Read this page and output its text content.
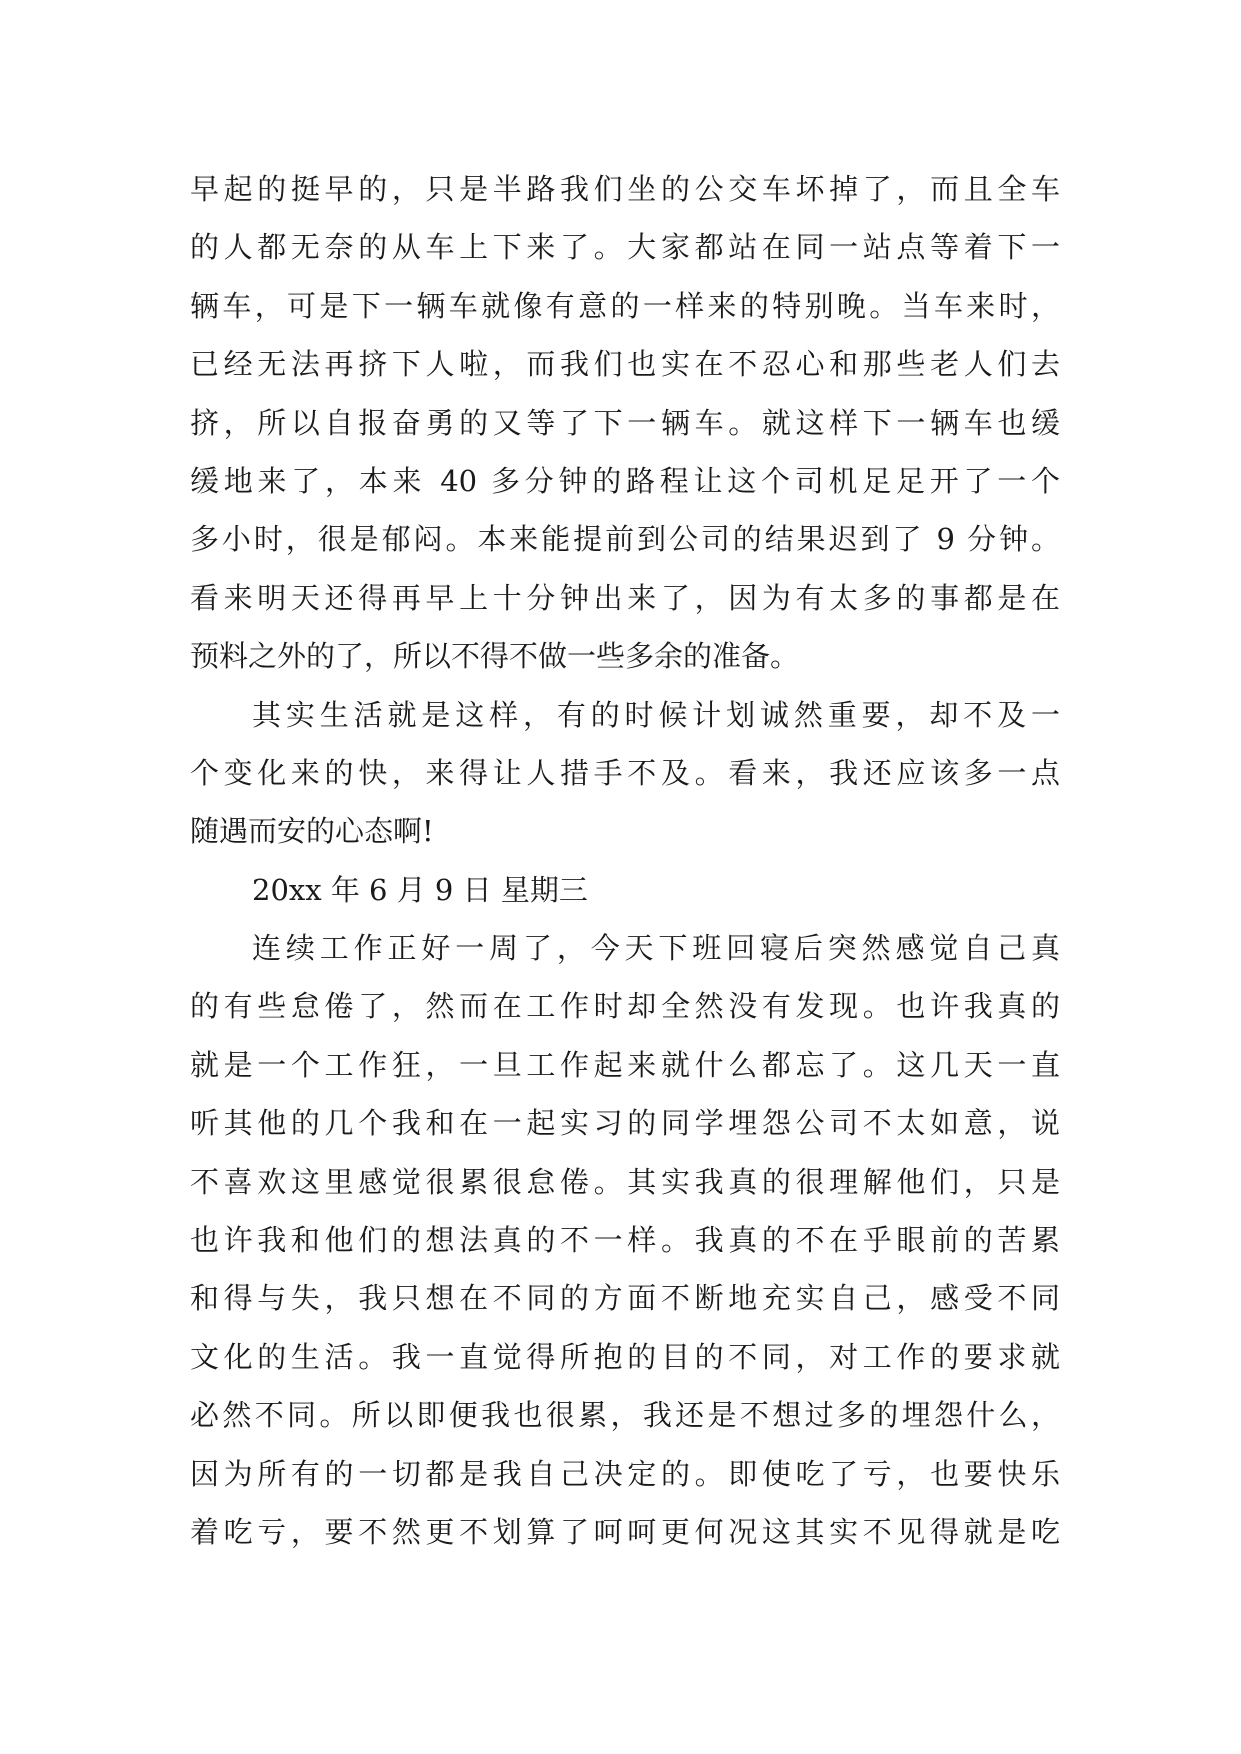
早起的挺早的，只是半路我们坐的公交车坏掉了，而且全车
的人都无奈的从车上下来了。大家都站在同一站点等着下一
辆车，可是下一辆车就像有意的一样来的特别晚。当车来时，
已经无法再挤下人啦，而我们也实在不忍心和那些老人们去
挤，所以自报奋勇的又等了下一辆车。就这样下一辆车也缓
缓地来了，本来 40 多分钟的路程让这个司机足足开了一个
多小时，很是郁闷。本来能提前到公司的结果迟到了 9 分钟。
看来明天还得再早上十分钟出来了，因为有太多的事都是在
预料之外的了，所以不得不做一些多余的准备。
其实生活就是这样，有的时候计划诚然重要，却不及一
个变化来的快，来得让人措手不及。看来，我还应该多一点
随遇而安的心态啊!
20xx 年 6 月 9 日 星期三
连续工作正好一周了，今天下班回寝后突然感觉自己真
的有些怠倦了，然而在工作时却全然没有发现。也许我真的
就是一个工作狂，一旦工作起来就什么都忘了。这几天一直
听其他的几个我和在一起实习的同学埋怨公司不太如意，说
不喜欢这里感觉很累很怠倦。其实我真的很理解他们，只是
也许我和他们的想法真的不一样。我真的不在乎眼前的苦累
和得与失，我只想在不同的方面不断地充实自己，感受不同
文化的生活。我一直觉得所抱的目的不同，对工作的要求就
必然不同。所以即便我也很累，我还是不想过多的埋怨什么，
因为所有的一切都是我自己决定的。即使吃了亏，也要快乐
着吃亏，要不然更不划算了呵呵更何况这其实不见得就是吃
